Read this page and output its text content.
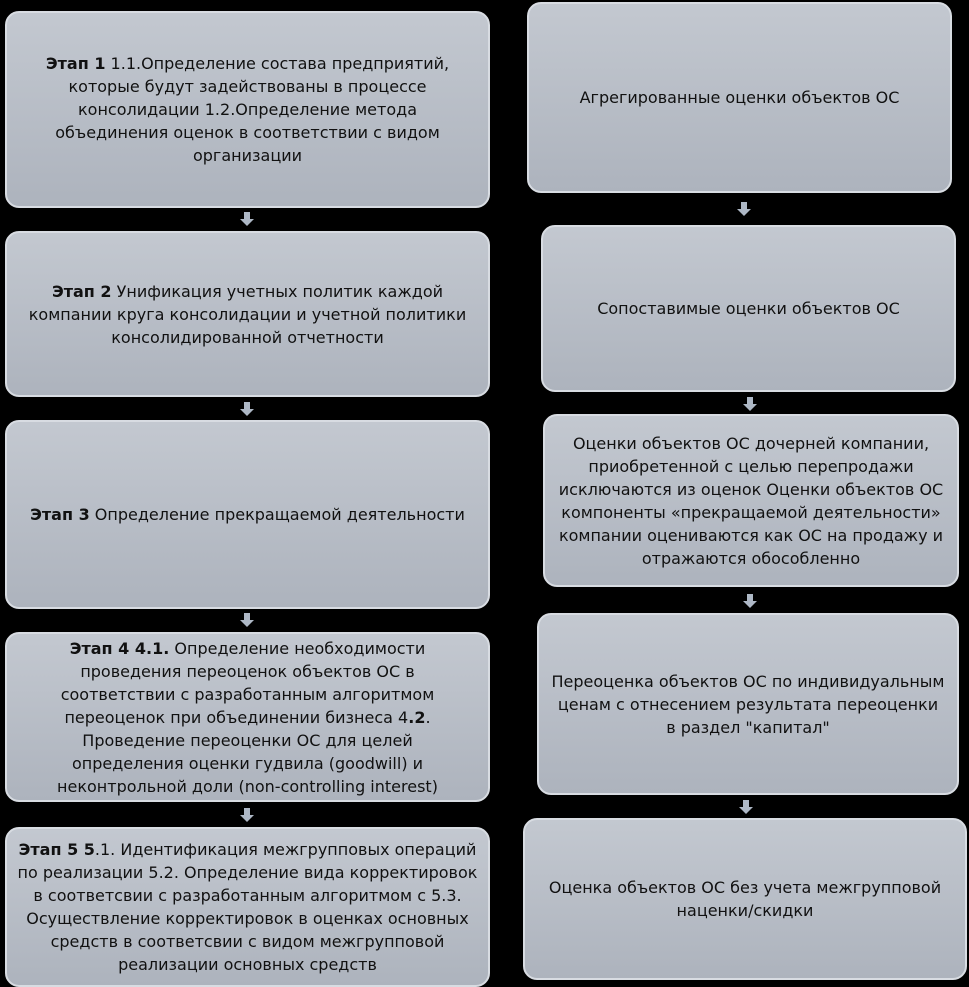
Этап 1 1.1.Определение состава предприятий, которые будут задействованы в процессе консолидации 1.2.Определение метода объединения оценок в соответствии с видом организации
Этап 2 Унификация учетных политик каждой компании круга консолидации и учетной политики консолидированной отчетности
Этап 3 Определение прекращаемой деятельности
Этап 4 4.1. Определение необходимости проведения переоценок объектов ОС в соответствии с разработанным алгоритмом переоценок при объединении бизнеса 4.2. Проведение переоценки ОС для целей определения оценки гудвила (goodwill) и неконтрольной доли (non-controlling interest)
Этап 5 5.1. Идентификация межгрупповых операций по реализации 5.2. Определение вида корректировок в соответсвии с разработанным алгоритмом с 5.3. Осуществление корректировок в оценках основных средств в соответсвии с видом межгрупповой реализации основных средств
Агрегированные оценки объектов ОС
Сопоставимые оценки объектов ОС
Оценки объектов ОС дочерней компании, приобретенной с целью перепродажи исключаются из оценок Оценки объектов ОС компоненты «прекращаемой деятельности» компании оцениваются как ОС на продажу и отражаются обособленно
Переоценка объектов ОС по индивидуальным ценам с отнесением результата переоценки в раздел "капитал"
Оценка объектов ОС без учета межгрупповой наценки/скидки
